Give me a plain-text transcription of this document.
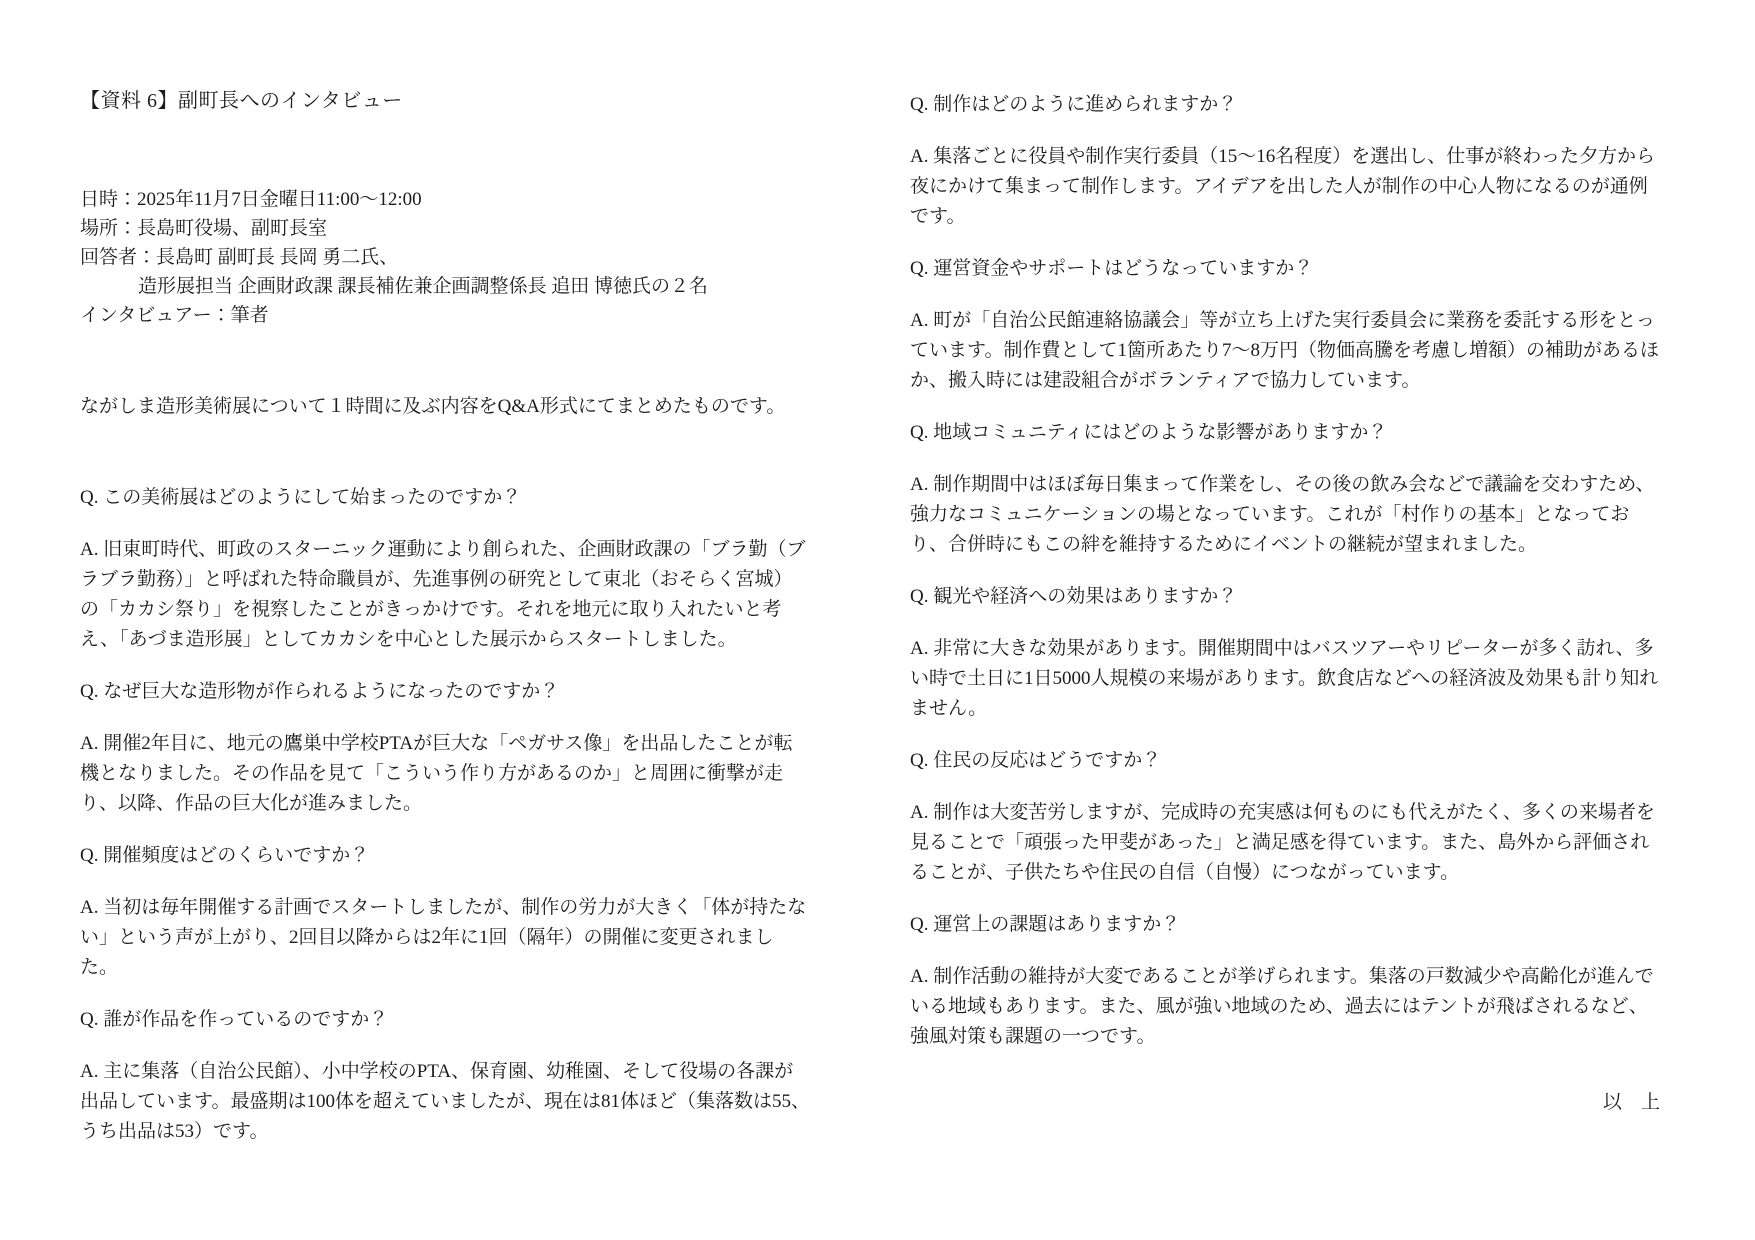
【資料 6】副町長へのインタビュー

日時：2025年11月7日金曜日11:00～12:00

場所：長島町役場、副町長室

回答者：長島町 副町長 長岡 勇二氏、

造形展担当 企画財政課 課長補佐兼企画調整係長 追田 博徳氏の２名

インタビュアー：筆者

ながしま造形美術展について１時間に及ぶ内容をQ&A形式にてまとめたものです。

Q. この美術展はどのようにして始まったのですか？

A. 旧東町時代、町政のスターニック運動により創られた、企画財政課の「ブラ勤（ブラブラ勤務）」と呼ばれた特命職員が、先進事例の研究として東北（おそらく宮城）の「カカシ祭り」を視察したことがきっかけです。それを地元に取り入れたいと考え、「あづま造形展」としてカカシを中心とした展示からスタートしました。

Q. なぜ巨大な造形物が作られるようになったのですか？

A. 開催2年目に、地元の鷹巣中学校PTAが巨大な「ペガサス像」を出品したことが転機となりました。その作品を見て「こういう作り方があるのか」と周囲に衝撃が走り、以降、作品の巨大化が進みました。

Q. 開催頻度はどのくらいですか？

A. 当初は毎年開催する計画でスタートしましたが、制作の労力が大きく「体が持たない」という声が上がり、2回目以降からは2年に1回（隔年）の開催に変更されました。

Q. 誰が作品を作っているのですか？

A. 主に集落（自治公民館）、小中学校のPTA、保育園、幼稚園、そして役場の各課が出品しています。最盛期は100体を超えていましたが、現在は81体ほど（集落数は55、うち出品は53）です。

Q. 制作はどのように進められますか？

A. 集落ごとに役員や制作実行委員（15～16名程度）を選出し、仕事が終わった夕方から夜にかけて集まって制作します。アイデアを出した人が制作の中心人物になるのが通例です。

Q. 運営資金やサポートはどうなっていますか？

A. 町が「自治公民館連絡協議会」等が立ち上げた実行委員会に業務を委託する形をとっています。制作費として1箇所あたり7～8万円（物価高騰を考慮し増額）の補助があるほか、搬入時には建設組合がボランティアで協力しています。

Q. 地域コミュニティにはどのような影響がありますか？

A. 制作期間中はほぼ毎日集まって作業をし、その後の飲み会などで議論を交わすため、強力なコミュニケーションの場となっています。これが「村作りの基本」となっており、合併時にもこの絆を維持するためにイベントの継続が望まれました。

Q. 観光や経済への効果はありますか？

A. 非常に大きな効果があります。開催期間中はバスツアーやリピーターが多く訪れ、多い時で土日に1日5000人規模の来場があります。飲食店などへの経済波及効果も計り知れません。

Q. 住民の反応はどうですか？

A. 制作は大変苦労しますが、完成時の充実感は何ものにも代えがたく、多くの来場者を見ることで「頑張った甲斐があった」と満足感を得ています。また、島外から評価されることが、子供たちや住民の自信（自慢）につながっています。

Q. 運営上の課題はありますか？

A. 制作活動の維持が大変であることが挙げられます。集落の戸数減少や高齢化が進んでいる地域もあります。また、風が強い地域のため、過去にはテントが飛ばされるなど、強風対策も課題の一つです。

以　上
